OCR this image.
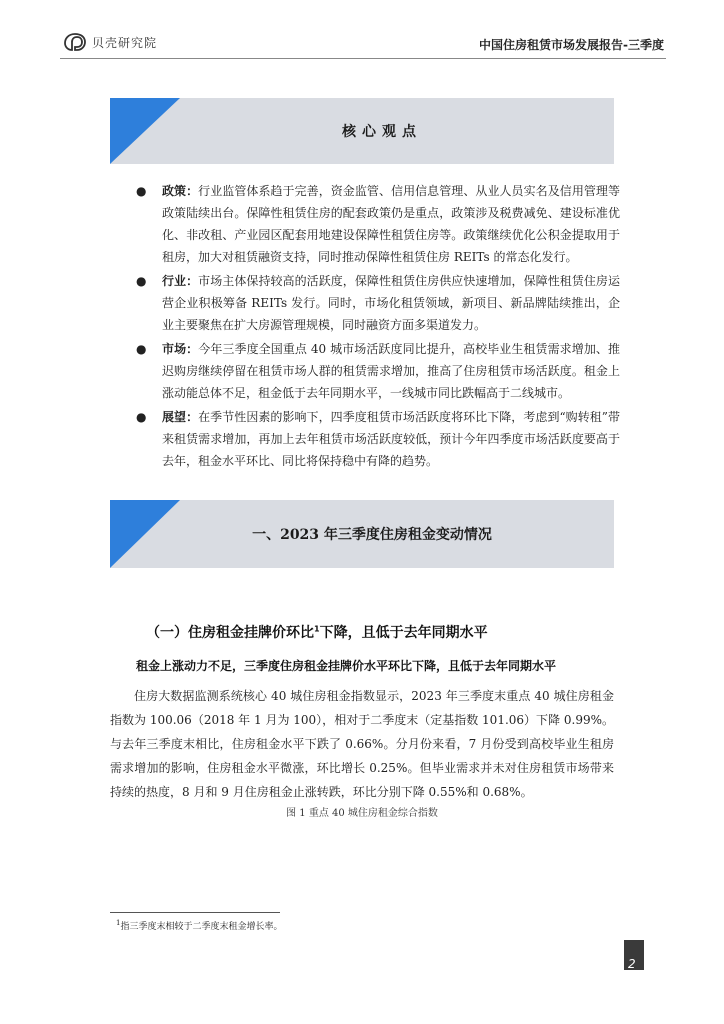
贝壳研究院	中国住房租赁市场发展报告-三季度
核心观点
● 政策：行业监管体系趋于完善，资金监管、信用信息管理、从业人员实名及信用管理等政策陆续出台。保障性租赁住房的配套政策仍是重点，政策涉及税费减免、建设标准优化、非改租、产业园区配套用地建设保障性租赁住房等。政策继续优化公积金提取用于租房，加大对租赁融资支持，同时推动保障性租赁住房 REITs 的常态化发行。
● 行业：市场主体保持较高的活跃度，保障性租赁住房供应快速增加，保障性租赁住房运营企业积极筹备 REITs 发行。同时，市场化租赁领域，新项目、新品牌陆续推出，企业主要聚焦在扩大房源管理规模，同时融资方面多渠道发力。
● 市场：今年三季度全国重点 40 城市场活跃度同比提升，高校毕业生租赁需求增加、推迟购房继续停留在租赁市场人群的租赁需求增加，推高了住房租赁市场活跃度。租金上涨动能总体不足，租金低于去年同期水平，一线城市同比跌幅高于二线城市。
● 展望：在季节性因素的影响下，四季度租赁市场活跃度将环比下降，考虑到“购转租”带来租赁需求增加，再加上去年租赁市场活跃度较低，预计今年四季度市场活跃度要高于去年，租金水平环比、同比将保持稳中有降的趋势。
一、2023 年三季度住房租金变动情况
（一）住房租金挂牌价环比$^1$下降，且低于去年同期水平
租金上涨动力不足，三季度住房租金挂牌价水平环比下降，且低于去年同期水平

住房大数据监测系统核心 40 城住房租金指数显示，2023 年三季度末重点 40 城住房租金指数为 100.06（2018 年 1 月为 100），相对于二季度末（定基指数 101.06）下降 0.99%。与去年三季度末相比，住房租金水平下跌了 0.66%。分月份来看，7 月份受到高校毕业生租房需求增加的影响，住房租金水平微涨，环比增长 0.25%。但毕业需求并未对住房租赁市场带来持续的热度，8 月和 9 月住房租金止涨转跌，环比分别下降 0.55%和 0.68%。

图 1 重点 40 城住房租金综合指数
$^1$指三季度末相较于二季度末租金增长率。
2
